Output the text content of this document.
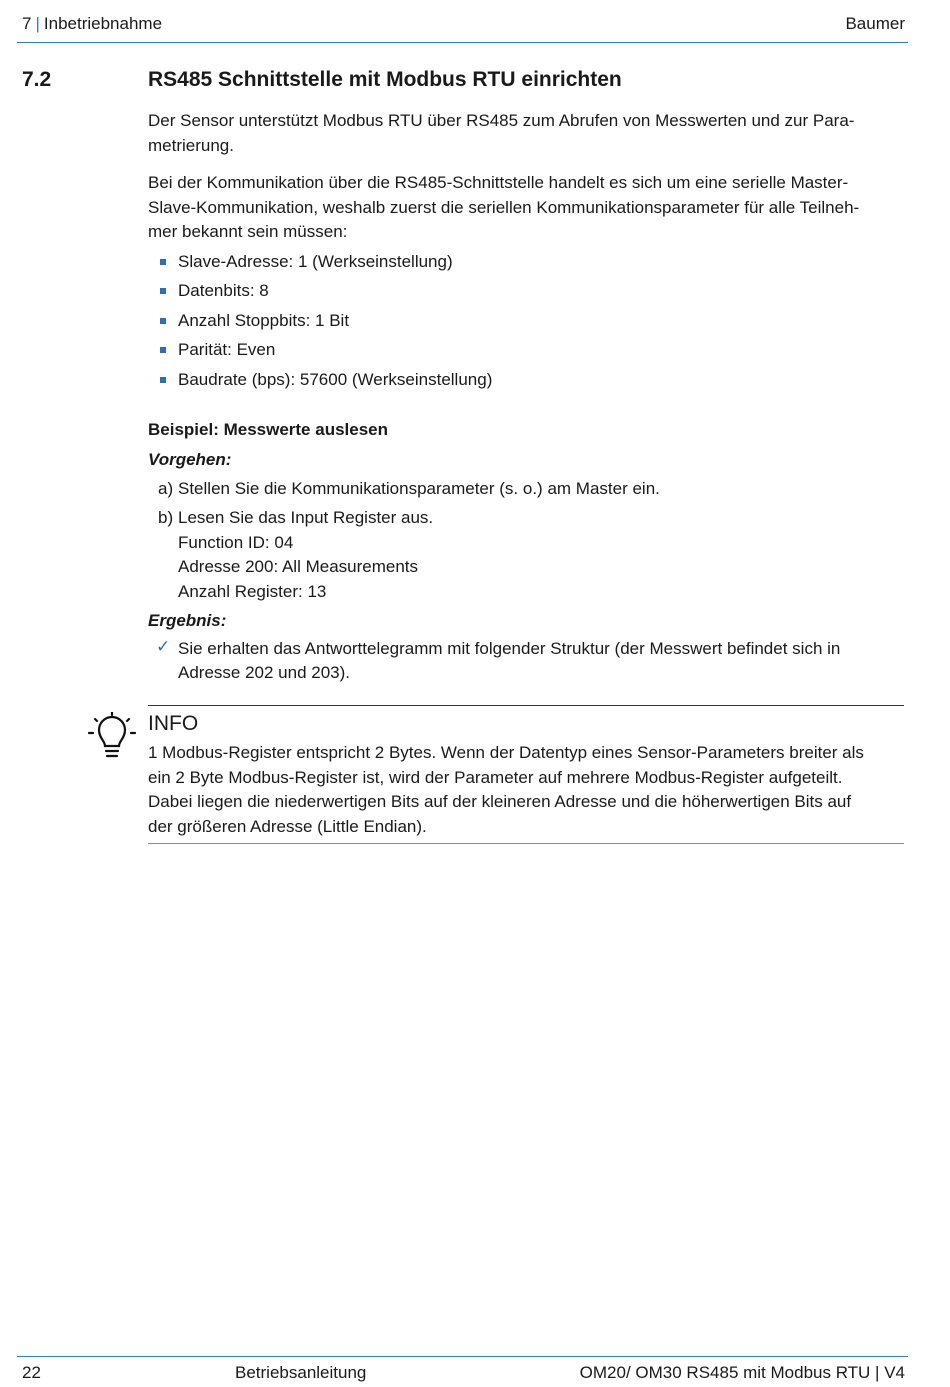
7 | Inbetriebnahme	Baumer
7.2	RS485 Schnittstelle mit Modbus RTU einrichten

Der Sensor unterstützt Modbus RTU über RS485 zum Abrufen von Messwerten und zur Para-

metrierung.

Bei der Kommunikation über die RS485-Schnittstelle handelt es sich um eine serielle Master-

Slave-Kommunikation, weshalb zuerst die seriellen Kommunikationsparameter für alle Teilneh-

mer bekannt sein müssen:

Slave-Adresse: 1 (Werkseinstellung)
Datenbits: 8
Anzahl Stoppbits: 1 Bit
Parität: Even
Baudrate (bps): 57600 (Werkseinstellung)
Beispiel: Messwerte auslesen
Vorgehen:
a) Stellen Sie die Kommunikationsparameter (s. o.) am Master ein.
b) Lesen Sie das Input Register aus.
Function ID: 04
Adresse 200: All Measurements
Anzahl Register: 13
Ergebnis:
✓ Sie erhalten das Antworttelegramm mit folgender Struktur (der Messwert befindet sich in
Adresse 202 und 203).
INFO

1 Modbus-Register entspricht 2 Bytes. Wenn der Datentyp eines Sensor-Parameters breiter als

ein 2 Byte Modbus-Register ist, wird der Parameter auf mehrere Modbus-Register aufgeteilt.

Dabei liegen die niederwertigen Bits auf der kleineren Adresse und die höherwertigen Bits auf

der größeren Adresse (Little Endian).

22	Betriebsanleitung	OM20/ OM30 RS485 mit Modbus RTU | V4
